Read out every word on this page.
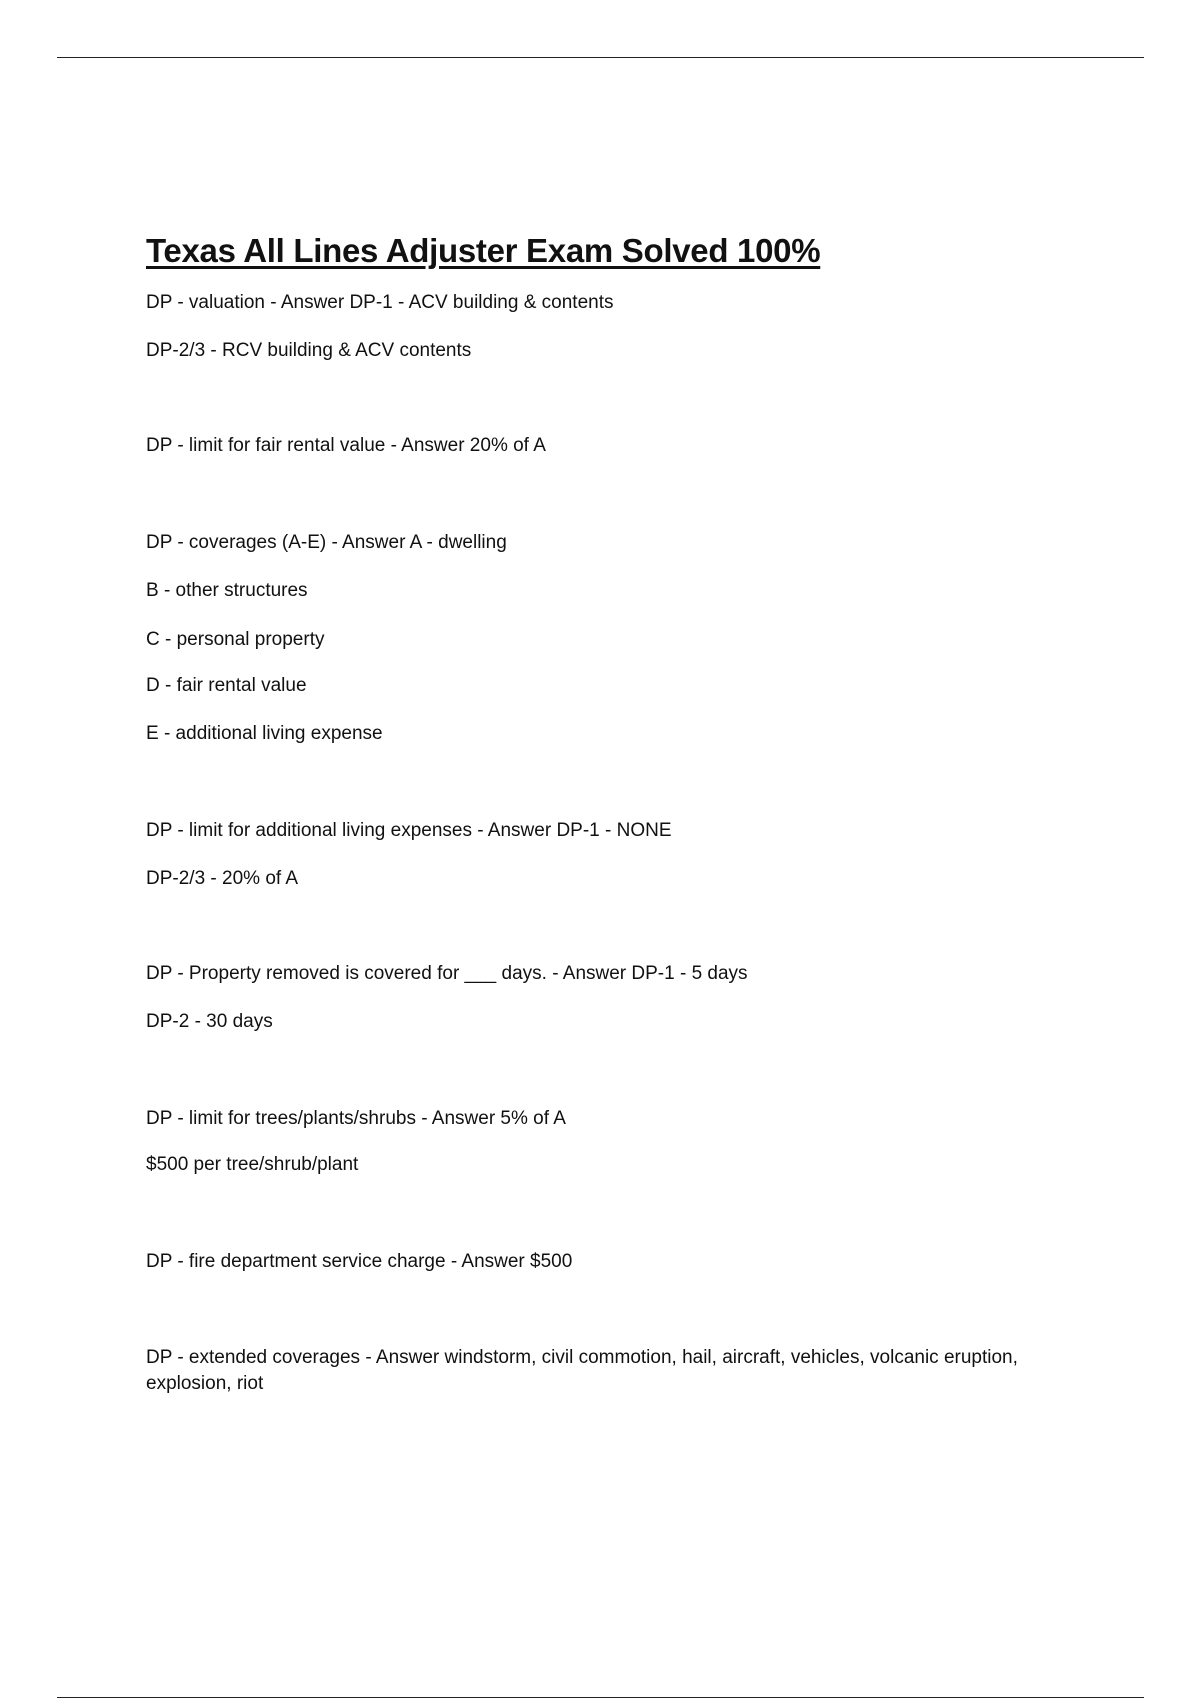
Texas All Lines Adjuster Exam Solved 100%

DP - valuation - Answer DP-1 - ACV building & contents

DP-2/3 - RCV building & ACV contents

DP - limit for fair rental value - Answer 20% of A

DP - coverages (A-E) - Answer A - dwelling

B - other structures

C - personal property

D - fair rental value

E - additional living expense

DP - limit for additional living expenses - Answer DP-1 - NONE

DP-2/3 - 20% of A

DP - Property removed is covered for ___ days. - Answer DP-1 - 5 days

DP-2 - 30 days

DP - limit for trees/plants/shrubs - Answer 5% of A

$500 per tree/shrub/plant

DP - fire department service charge - Answer $500

DP - extended coverages - Answer windstorm, civil commotion, hail, aircraft, vehicles, volcanic eruption, explosion, riot
